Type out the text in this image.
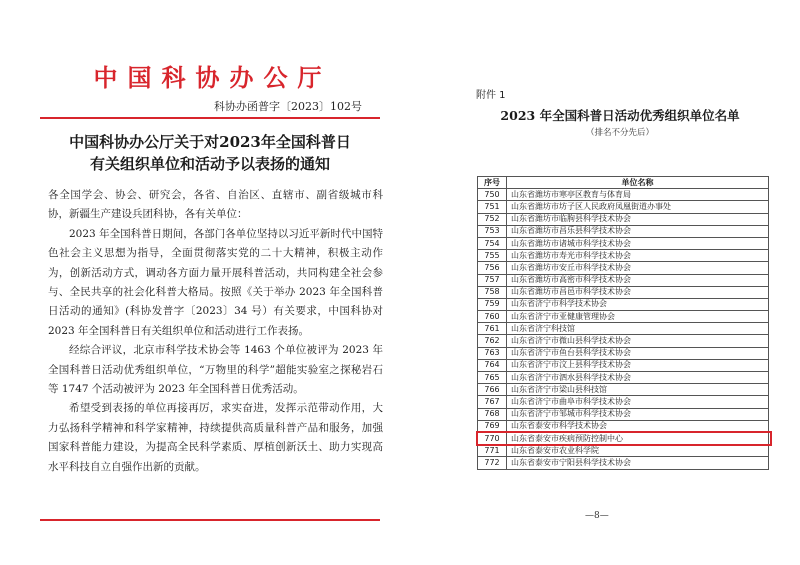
中国科协办公厅
科协办函普字〔2023〕102号
中国科协办公厅关于对2023年全国科普日
有关组织单位和活动予以表扬的通知

各全国学会、协会、研究会，各省、自治区、直辖市、副省级城市科协，新疆生产建设兵团科协，各有关单位：

2023 年全国科普日期间，各部门各单位坚持以习近平新时代中国特色社会主义思想为指导，全面贯彻落实党的二十大精神，积极主动作为，创新活动方式，调动各方面力量开展科普活动，共同构建全社会参与、全民共享的社会化科普大格局。按照《关于举办 2023 年全国科普日活动的通知》(科协发普字〔2023〕34 号）有关要求，中国科协对 2023 年全国科普日有关组织单位和活动进行工作表扬。

经综合评议，北京市科学技术协会等 1463 个单位被评为 2023 年全国科普日活动优秀组织单位，“万物里的科学”超能实验室之探秘岩石等 1747 个活动被评为 2023 年全国科普日优秀活动。

希望受到表扬的单位再接再厉，求实奋进，发挥示范带动作用，大力弘扬科学精神和科学家精神，持续提供高质量科普产品和服务，加强国家科普能力建设，为提高全民科学素质、厚植创新沃土、助力实现高水平科技自立自强作出新的贡献。

附件 1
2023 年全国科普日活动优秀组织单位名单
（排名不分先后）
序号	单位名称
750	山东省潍坊市寒亭区教育与体育局
751	山东省潍坊市坊子区人民政府凤凰街道办事处
752	山东省潍坊市临朐县科学技术协会
753	山东省潍坊市昌乐县科学技术协会
754	山东省潍坊市诸城市科学技术协会
755	山东省潍坊市寿光市科学技术协会
756	山东省潍坊市安丘市科学技术协会
757	山东省潍坊市高密市科学技术协会
758	山东省潍坊市昌邑市科学技术协会
759	山东省济宁市科学技术协会
760	山东省济宁市亚健康管理协会
761	山东省济宁科技馆
762	山东省济宁市微山县科学技术协会
763	山东省济宁市鱼台县科学技术协会
764	山东省济宁市汶上县科学技术协会
765	山东省济宁市泗水县科学技术协会
766	山东省济宁市梁山县科技馆
767	山东省济宁市曲阜市科学技术协会
768	山东省济宁市邹城市科学技术协会
769	山东省泰安市科学技术协会
770	山东省泰安市疾病预防控制中心
771	山东省泰安市农业科学院
772	山东省泰安市宁阳县科学技术协会
—8—
